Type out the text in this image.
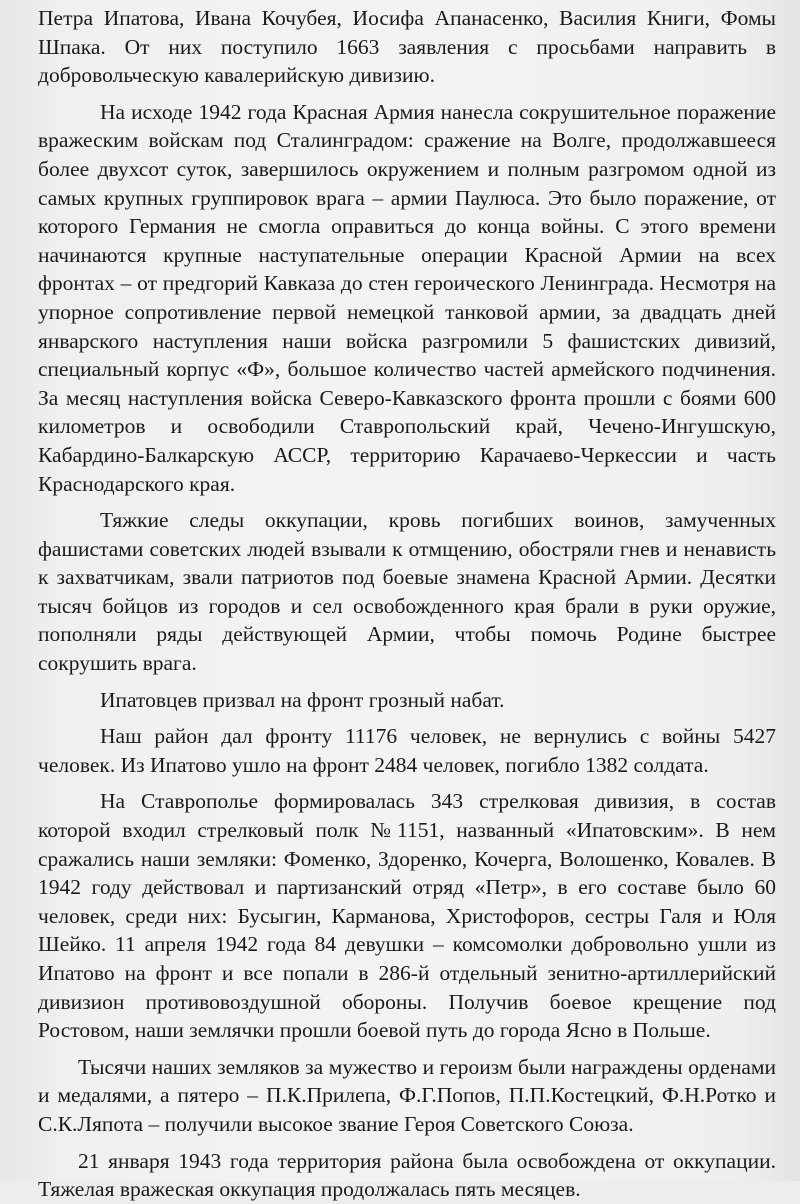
Петра Ипатова, Ивана Кочубея, Иосифа Апанасенко, Василия Книги, Фомы Шпака. От них поступило 1663 заявления с просьбами направить в добровольческую кавалерийскую дивизию.

На исходе 1942 года Красная Армия нанесла сокрушительное поражение вражеским войскам под Сталинградом: сражение на Волге, продолжавшееся более двухсот суток, завершилось окружением и полным разгромом одной из самых крупных группировок врага – армии Паулюса. Это было поражение, от которого Германия не смогла оправиться до конца войны. С этого времени начинаются крупные наступательные операции Красной Армии на всех фронтах – от предгорий Кавказа до стен героического Ленинграда. Несмотря на упорное сопротивление первой немецкой танковой армии, за двадцать дней январского наступления наши войска разгромили 5 фашистских дивизий, специальный корпус «Ф», большое количество частей армейского подчинения. За месяц наступления войска Северо-Кавказского фронта прошли с боями 600 километров и освободили Ставропольский край, Чечено-Ингушскую, Кабардино-Балкарскую АССР, территорию Карачаево-Черкессии и часть Краснодарского края.

Тяжкие следы оккупации, кровь погибших воинов, замученных фашистами советских людей взывали к отмщению, обостряли гнев и ненависть к захватчикам, звали патриотов под боевые знамена Красной Армии. Десятки тысяч бойцов из городов и сел освобожденного края брали в руки оружие, пополняли ряды действующей Армии, чтобы помочь Родине быстрее сокрушить врага.

Ипатовцев призвал на фронт грозный набат.

Наш район дал фронту 11176 человек, не вернулись с войны 5427 человек. Из Ипатово ушло на фронт 2484 человек, погибло 1382 солдата.

На Ставрополье формировалась 343 стрелковая дивизия, в состав которой входил стрелковый полк №1151, названный «Ипатовским». В нем сражались наши земляки: Фоменко, Здоренко, Кочерга, Волошенко, Ковалев. В 1942 году действовал и партизанский отряд «Петр», в его составе было 60 человек, среди них: Бусыгин, Карманова, Христофоров, сестры Галя и Юля Шейко. 11 апреля 1942 года 84 девушки – комсомолки добровольно ушли из Ипатово на фронт и все попали в 286-й отдельный зенитно-артиллерийский дивизион противовоздушной обороны. Получив боевое крещение под Ростовом, наши землячки прошли боевой путь до города Ясно в Польше.

Тысячи наших земляков за мужество и героизм были награждены орденами и медалями, а пятеро – П.К.Прилепа, Ф.Г.Попов, П.П.Костецкий, Ф.Н.Ротко и С.К.Ляпота – получили высокое звание Героя Советского Союза.

21 января 1943 года территория района была освобождена от оккупации. Тяжелая вражеская оккупация продолжалась пять месяцев.
